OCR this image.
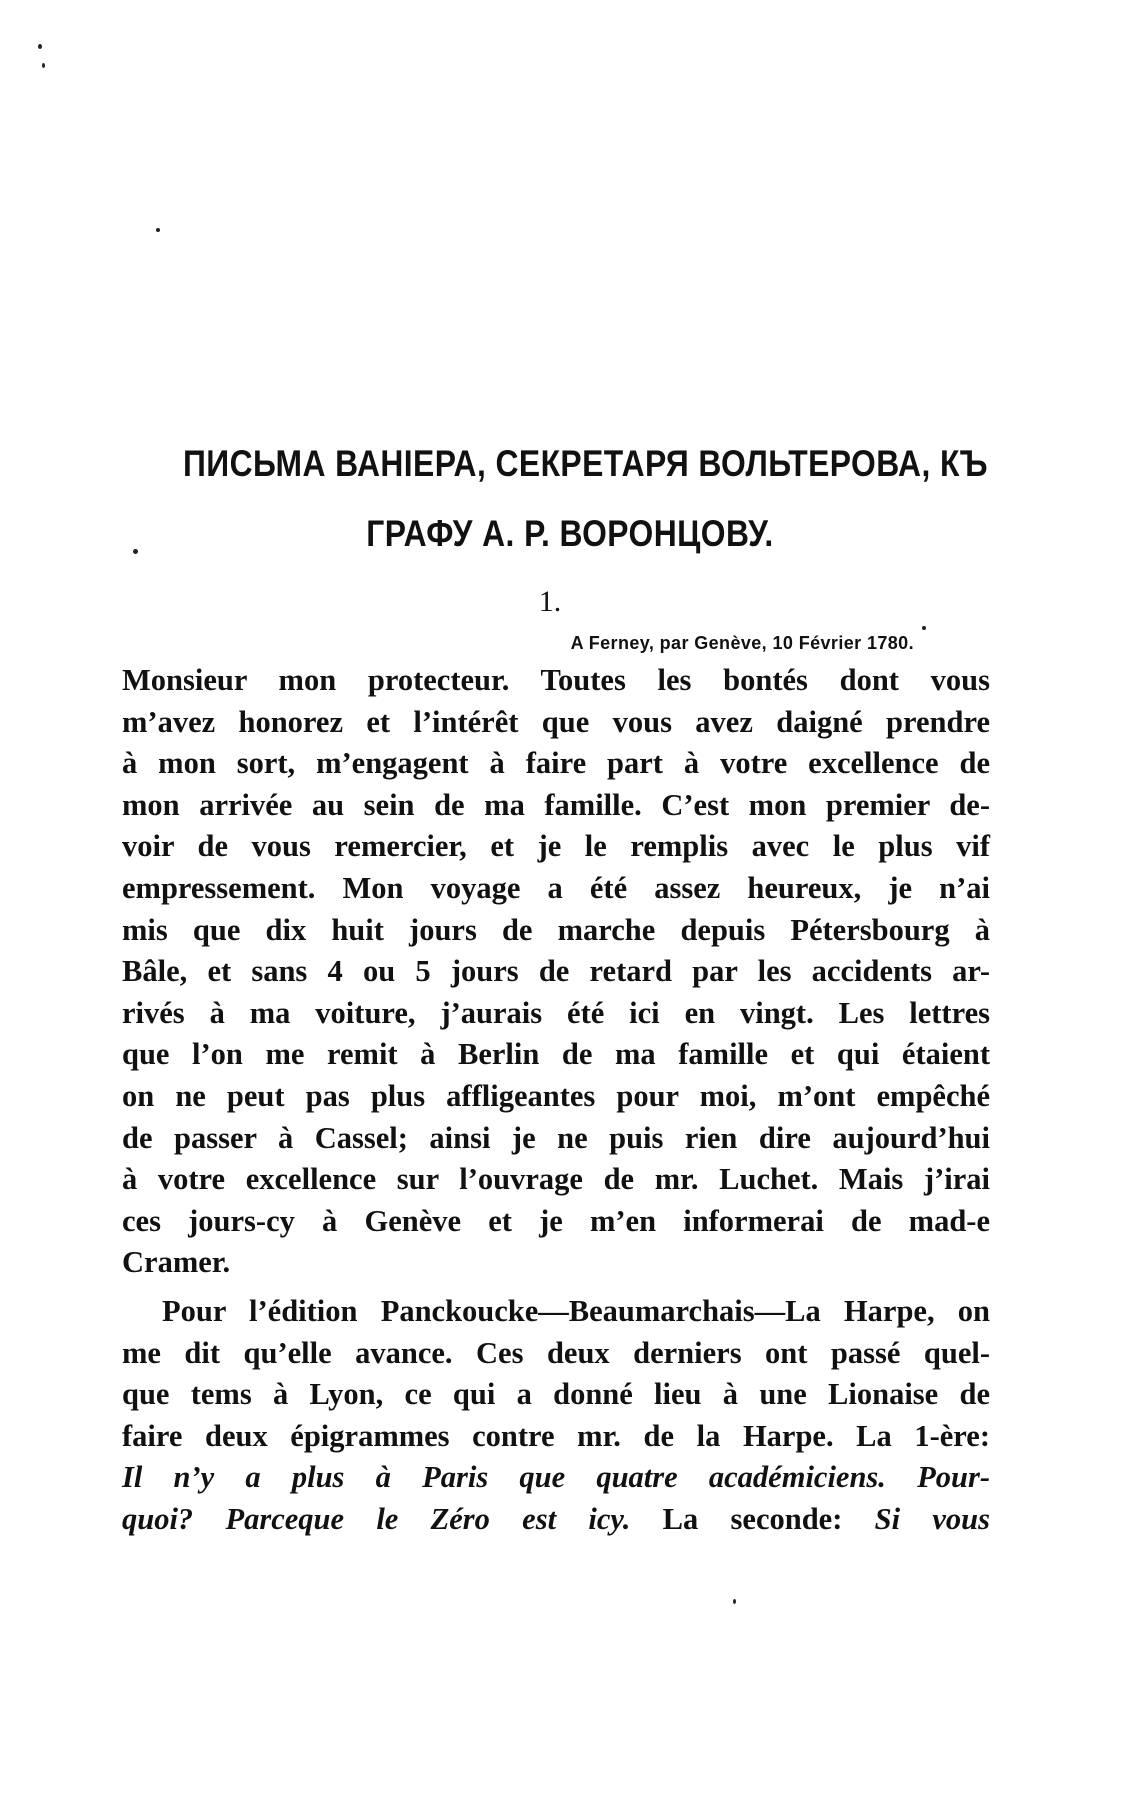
ПИСЬМА ВАНІЕРА, СЕКРЕТАРЯ ВОЛЬТЕРОВА, КЪ
ГРАФУ А. Р. ВОРОНЦОВУ.
1.
A Ferney, par Genève, 10 Février 1780.
Monsieur mon protecteur. Toutes les bontés dont vous
m’avez honorez et l’intérêt que vous avez daigné prendre
à mon sort, m’engagent à faire part à votre excellence de
mon arrivée au sein de ma famille. C’est mon premier de-
voir de vous remercier, et je le remplis avec le plus vif
empressement. Mon voyage a été assez heureux, je n’ai
mis que dix huit jours de marche depuis Pétersbourg à
Bâle, et sans 4 ou 5 jours de retard par les accidents ar-
rivés à ma voiture, j’aurais été ici en vingt. Les lettres
que l’on me remit à Berlin de ma famille et qui étaient
on ne peut pas plus affligeantes pour moi, m’ont empêché
de passer à Cassel; ainsi je ne puis rien dire aujourd’hui
à votre excellence sur l’ouvrage de mr. Luchet. Mais j’irai
ces jours-cy à Genève et je m’en informerai de mad-e
Cramer.
Pour l’édition Panckoucke—Beaumarchais—La Harpe, on
me dit qu’elle avance. Ces deux derniers ont passé quel-
que tems à Lyon, ce qui a donné lieu à une Lionaise de
faire deux épigrammes contre mr. de la Harpe. La 1-ère:
Il n’y a plus à Paris que quatre académiciens. Pour-
quoi? Parceque le Zéro est icy. La seconde: Si vous
